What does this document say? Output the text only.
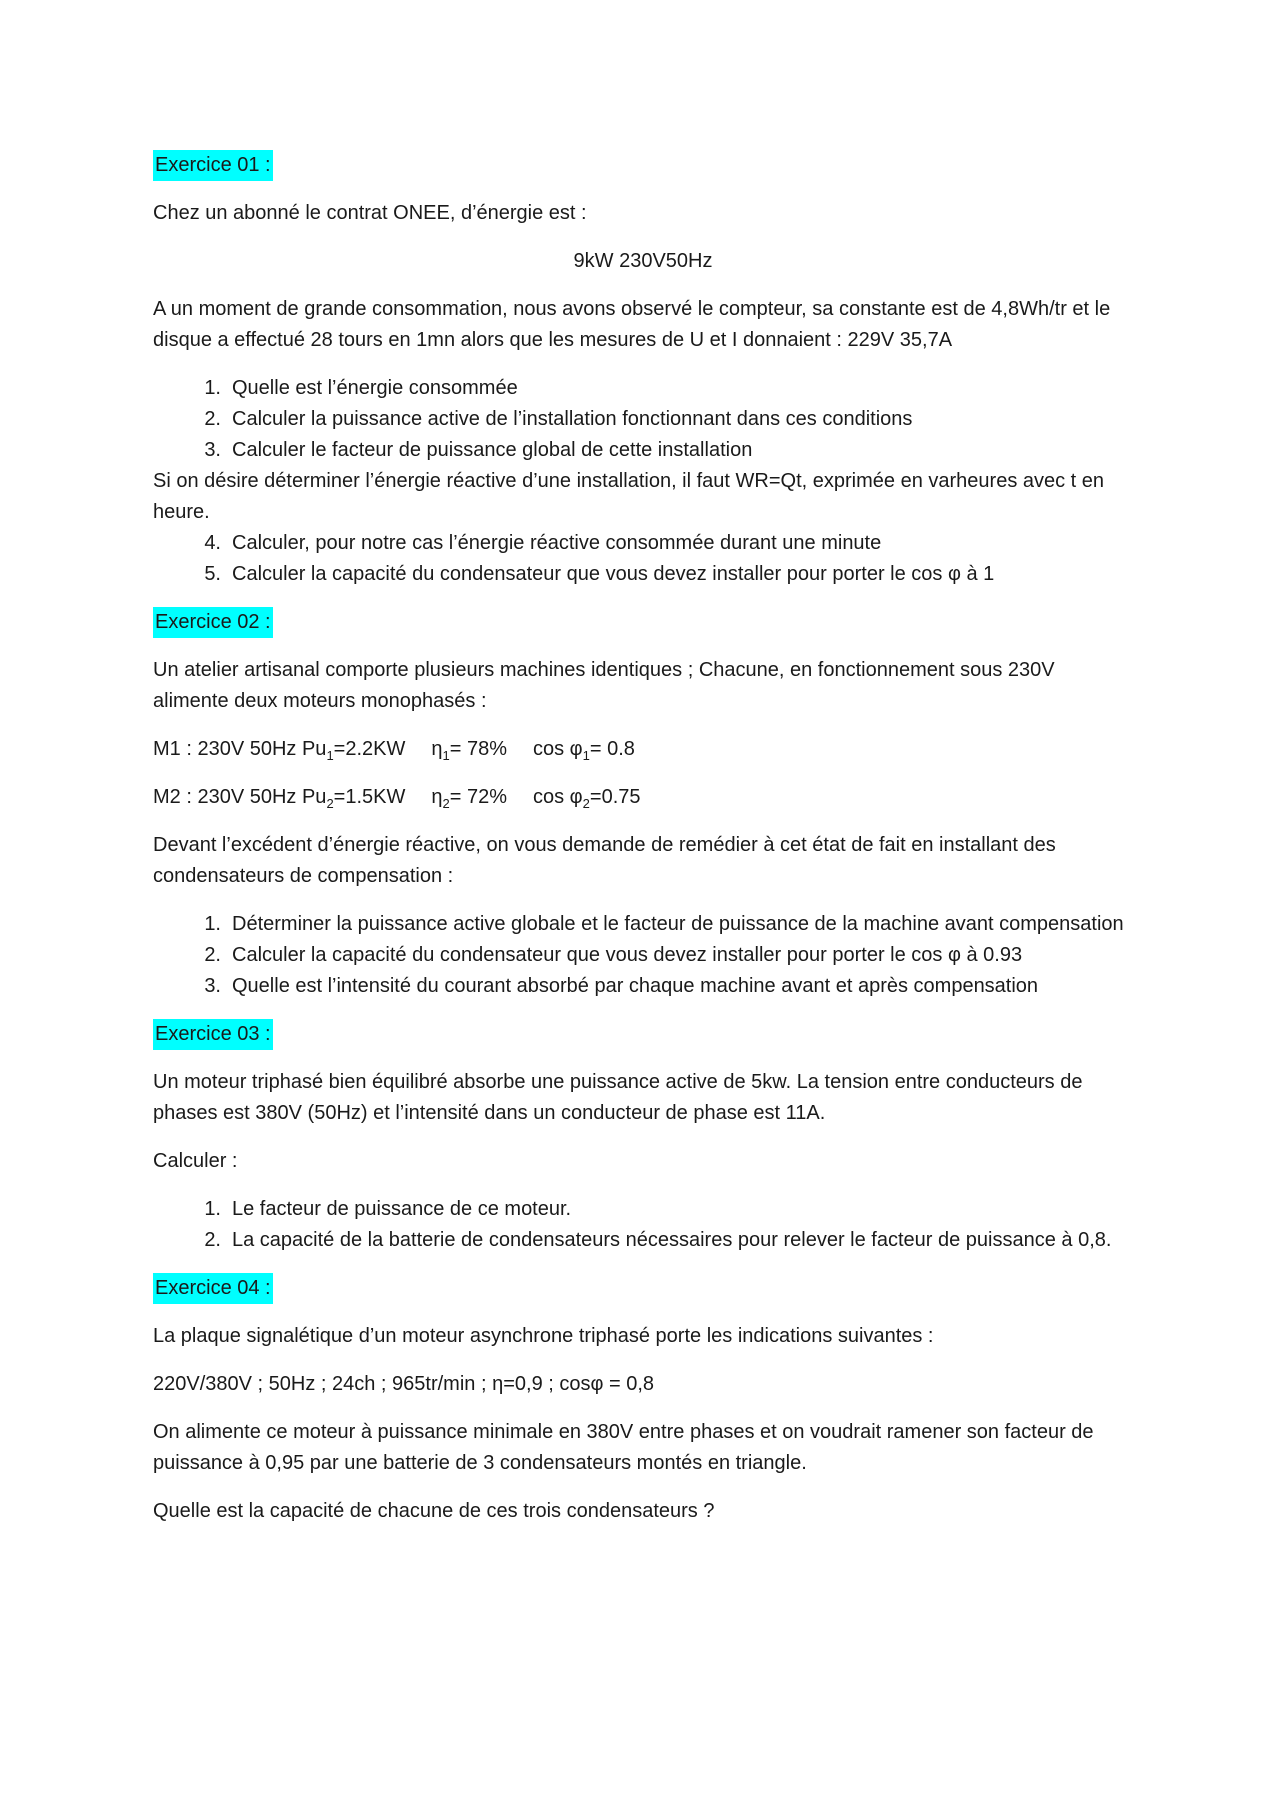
Exercice 01 :

Chez un abonné le contrat ONEE, d’énergie est :

9kW 230V50Hz

A un moment de grande consommation, nous avons observé le compteur, sa constante est de 4,8Wh/tr et le disque a effectué 28 tours en 1mn alors que les mesures de U et I donnaient : 229V 35,7A

1. Quelle est l’énergie consommée
2. Calculer la puissance active de l’installation fonctionnant dans ces conditions
3. Calculer le facteur de puissance global de cette installation

Si on désire déterminer l’énergie réactive d’une installation, il faut WR=Qt, exprimée en varheures avec t en heure.

4. Calculer, pour notre cas l’énergie réactive consommée durant une minute
5. Calculer la capacité du condensateur que vous devez installer pour porter le cos φ à 1

Exercice 02 :

Un atelier artisanal comporte plusieurs machines identiques ; Chacune, en fonctionnement sous 230V alimente deux moteurs monophasés :

M1 : 230V 50Hz $Pu_1=2.2KW$ $\eta_1= 78\%$ $\cos \varphi_1= 0.8$

M2 : 230V 50Hz $Pu_2=1.5KW$ $\eta_2= 72\%$ $\cos \varphi_2=0.75$

Devant l’excédent d’énergie réactive, on vous demande de remédier à cet état de fait en installant des condensateurs de compensation :

1. Déterminer la puissance active globale et le facteur de puissance de la machine avant compensation
2. Calculer la capacité du condensateur que vous devez installer pour porter le cos φ à 0.93
3. Quelle est l’intensité du courant absorbé par chaque machine avant et après compensation

Exercice 03 :

Un moteur triphasé bien équilibré absorbe une puissance active de 5kw. La tension entre conducteurs de phases est 380V (50Hz) et l’intensité dans un conducteur de phase est 11A.

Calculer :

1. Le facteur de puissance de ce moteur.
2. La capacité de la batterie de condensateurs nécessaires pour relever le facteur de puissance à 0,8.

Exercice 04 :

La plaque signalétique d’un moteur asynchrone triphasé porte les indications suivantes :

220V/380V ; 50Hz ; 24ch ; 965tr/min ; η=0,9 ; cosφ = 0,8

On alimente ce moteur à puissance minimale en 380V entre phases et on voudrait ramener son facteur de puissance à 0,95 par une batterie de 3 condensateurs montés en triangle.

Quelle est la capacité de chacune de ces trois condensateurs ?
